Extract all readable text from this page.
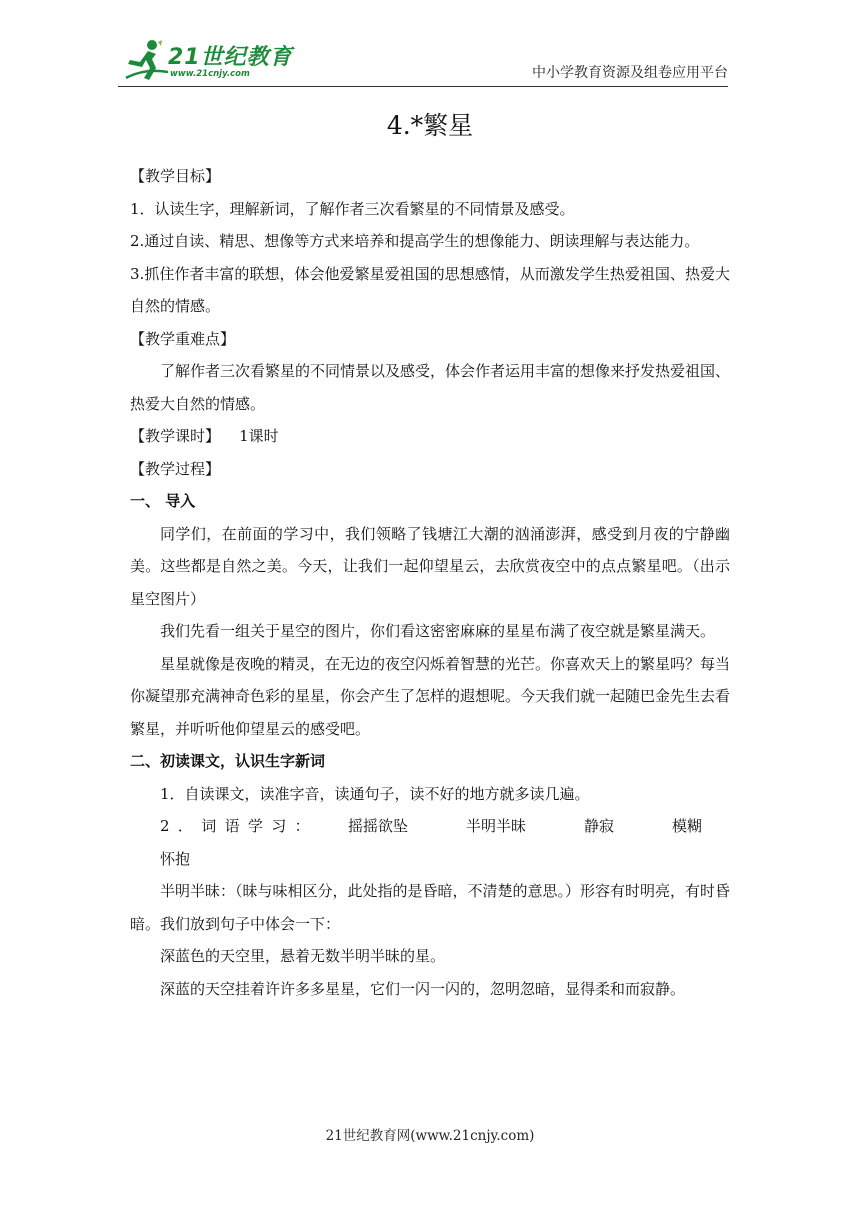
21世纪教育
www.21cnjy.com	中小学教育资源及组卷应用平台
4.*繁星

【教学目标】

1．认读生字，理解新词，了解作者三次看繁星的不同情景及感受。

2.通过自读、精思、想像等方式来培养和提高学生的想像能力、朗读理解与表达能力。

3.抓住作者丰富的联想，体会他爱繁星爱祖国的思想感情，从而激发学生热爱祖国、热爱大自然的情感。

【教学重难点】

了解作者三次看繁星的不同情景以及感受，体会作者运用丰富的想像来抒发热爱祖国、热爱大自然的情感。

【教学课时】 1课时

【教学过程】

一、 导入

同学们，在前面的学习中，我们领略了钱塘江大潮的汹涌澎湃，感受到月夜的宁静幽美。这些都是自然之美。今天，让我们一起仰望星云，去欣赏夜空中的点点繁星吧。（出示星空图片）

我们先看一组关于星空的图片，你们看这密密麻麻的星星布满了夜空就是繁星满天。

星星就像是夜晚的精灵，在无边的夜空闪烁着智慧的光芒。你喜欢天上的繁星吗？每当你凝望那充满神奇色彩的星星，你会产生了怎样的遐想呢。今天我们就一起随巴金先生去看繁星，并听听他仰望星云的感受吧。

二、初读课文，认识生字新词

1．自读课文，读准字音，读通句子，读不好的地方就多读几遍。

2．词语学习： 摇摇欲坠	半明半昧	静寂	模糊怀抱

半明半昧：（昧与味相区分，此处指的是昏暗，不清楚的意思。）形容有时明亮，有时昏暗。我们放到句子中体会一下：

深蓝色的天空里，悬着无数半明半昧的星。

深蓝的天空挂着许许多多星星，它们一闪一闪的，忽明忽暗，显得柔和而寂静。

21世纪教育网(www.21cnjy.com)
